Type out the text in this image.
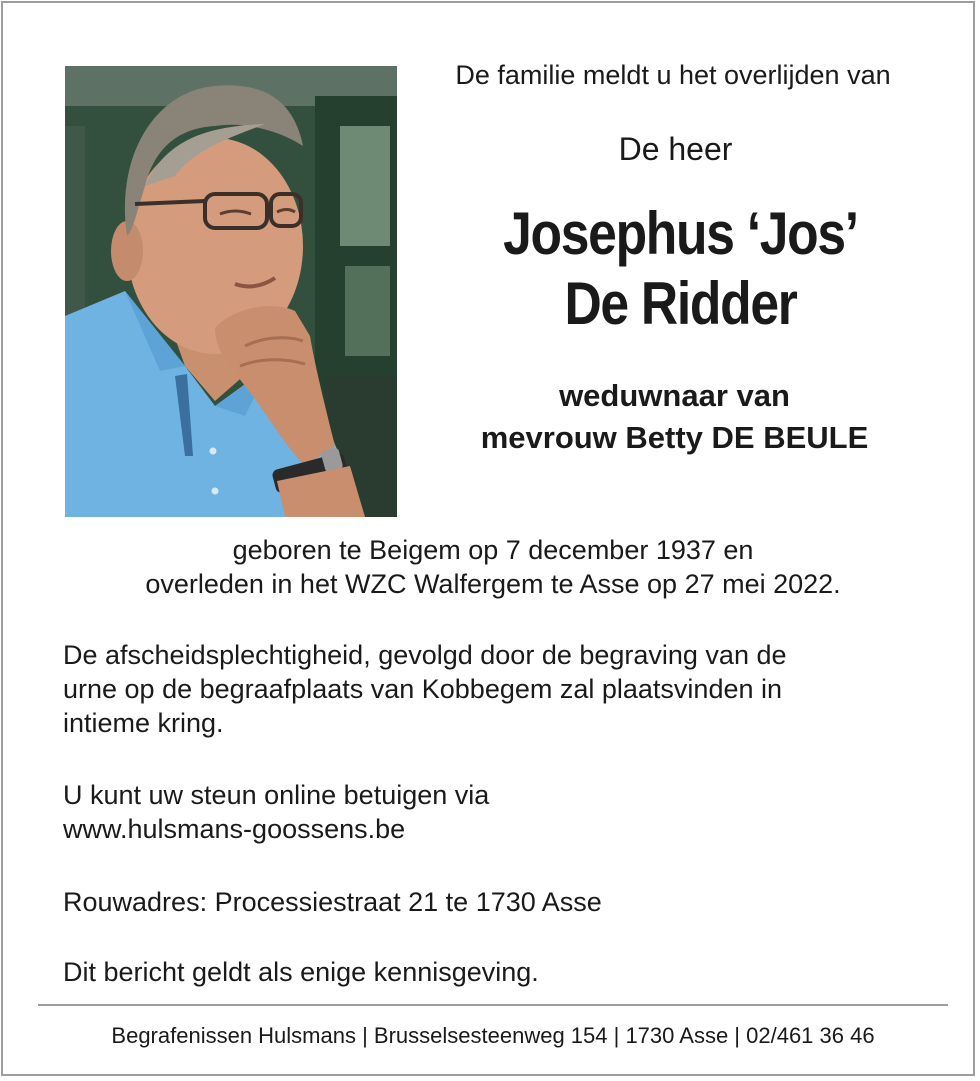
De familie meldt u het overlijden van
De heer
Josephus ‘Jos’
De Ridder
weduwnaar van
mevrouw Betty DE BEULE
geboren te Beigem op 7 december 1937 en
overleden in het WZC Walfergem te Asse op 27 mei 2022.
De afscheidsplechtigheid, gevolgd door de begraving van de
urne op de begraafplaats van Kobbegem zal plaatsvinden in
intieme kring.
U kunt uw steun online betuigen via
www.hulsmans-goossens.be
Rouwadres: Processiestraat 21 te 1730 Asse
Dit bericht geldt als enige kennisgeving.
Begrafenissen Hulsmans | Brusselsesteenweg 154 | 1730 Asse | 02/461 36 46
